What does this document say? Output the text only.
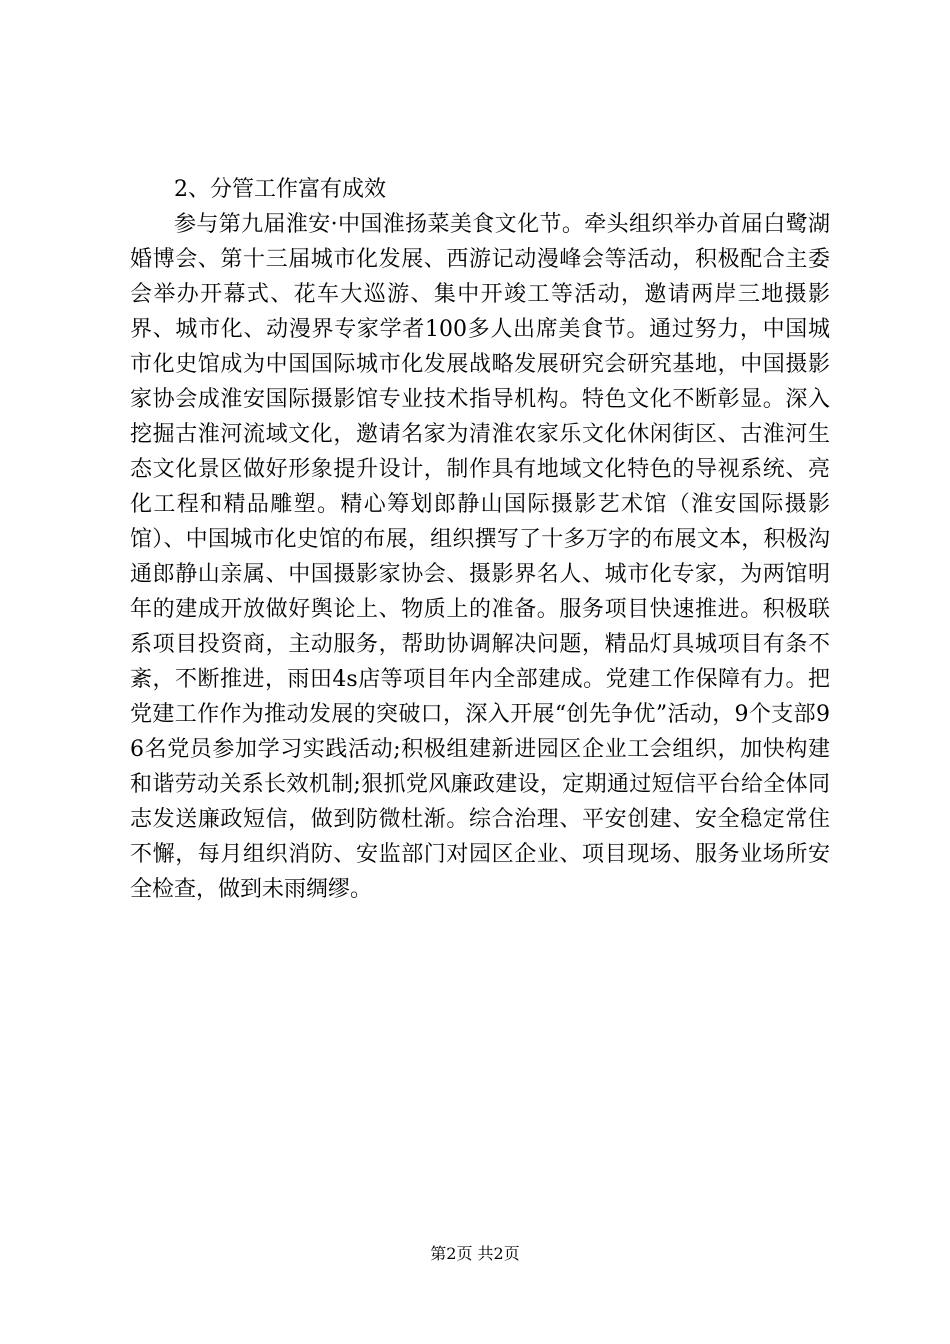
2、分管工作富有成效

参与第九届淮安·中国淮扬菜美食文化节。牵头组织举办首届白鹭湖婚博会、第十三届城市化发展、西游记动漫峰会等活动，积极配合主委会举办开幕式、花车大巡游、集中开竣工等活动，邀请两岸三地摄影界、城市化、动漫界专家学者100多人出席美食节。通过努力，中国城市化史馆成为中国国际城市化发展战略发展研究会研究基地，中国摄影家协会成淮安国际摄影馆专业技术指导机构。特色文化不断彰显。深入挖掘古淮河流域文化，邀请名家为清淮农家乐文化休闲街区、古淮河生态文化景区做好形象提升设计，制作具有地域文化特色的导视系统、亮化工程和精品雕塑。精心筹划郎静山国际摄影艺术馆（淮安国际摄影馆）、中国城市化史馆的布展，组织撰写了十多万字的布展文本，积极沟通郎静山亲属、中国摄影家协会、摄影界名人、城市化专家，为两馆明年的建成开放做好舆论上、物质上的准备。服务项目快速推进。积极联系项目投资商，主动服务，帮助协调解决问题，精品灯具城项目有条不紊，不断推进，雨田4s店等项目年内全部建成。党建工作保障有力。把党建工作作为推动发展的突破口，深入开展“创先争优”活动，9个支部96名党员参加学习实践活动;积极组建新进园区企业工会组织，加快构建和谐劳动关系长效机制;狠抓党风廉政建设，定期通过短信平台给全体同志发送廉政短信，做到防微杜渐。综合治理、平安创建、安全稳定常住不懈，每月组织消防、安监部门对园区企业、项目现场、服务业场所安全检查，做到未雨绸缪。

第2页 共2页
